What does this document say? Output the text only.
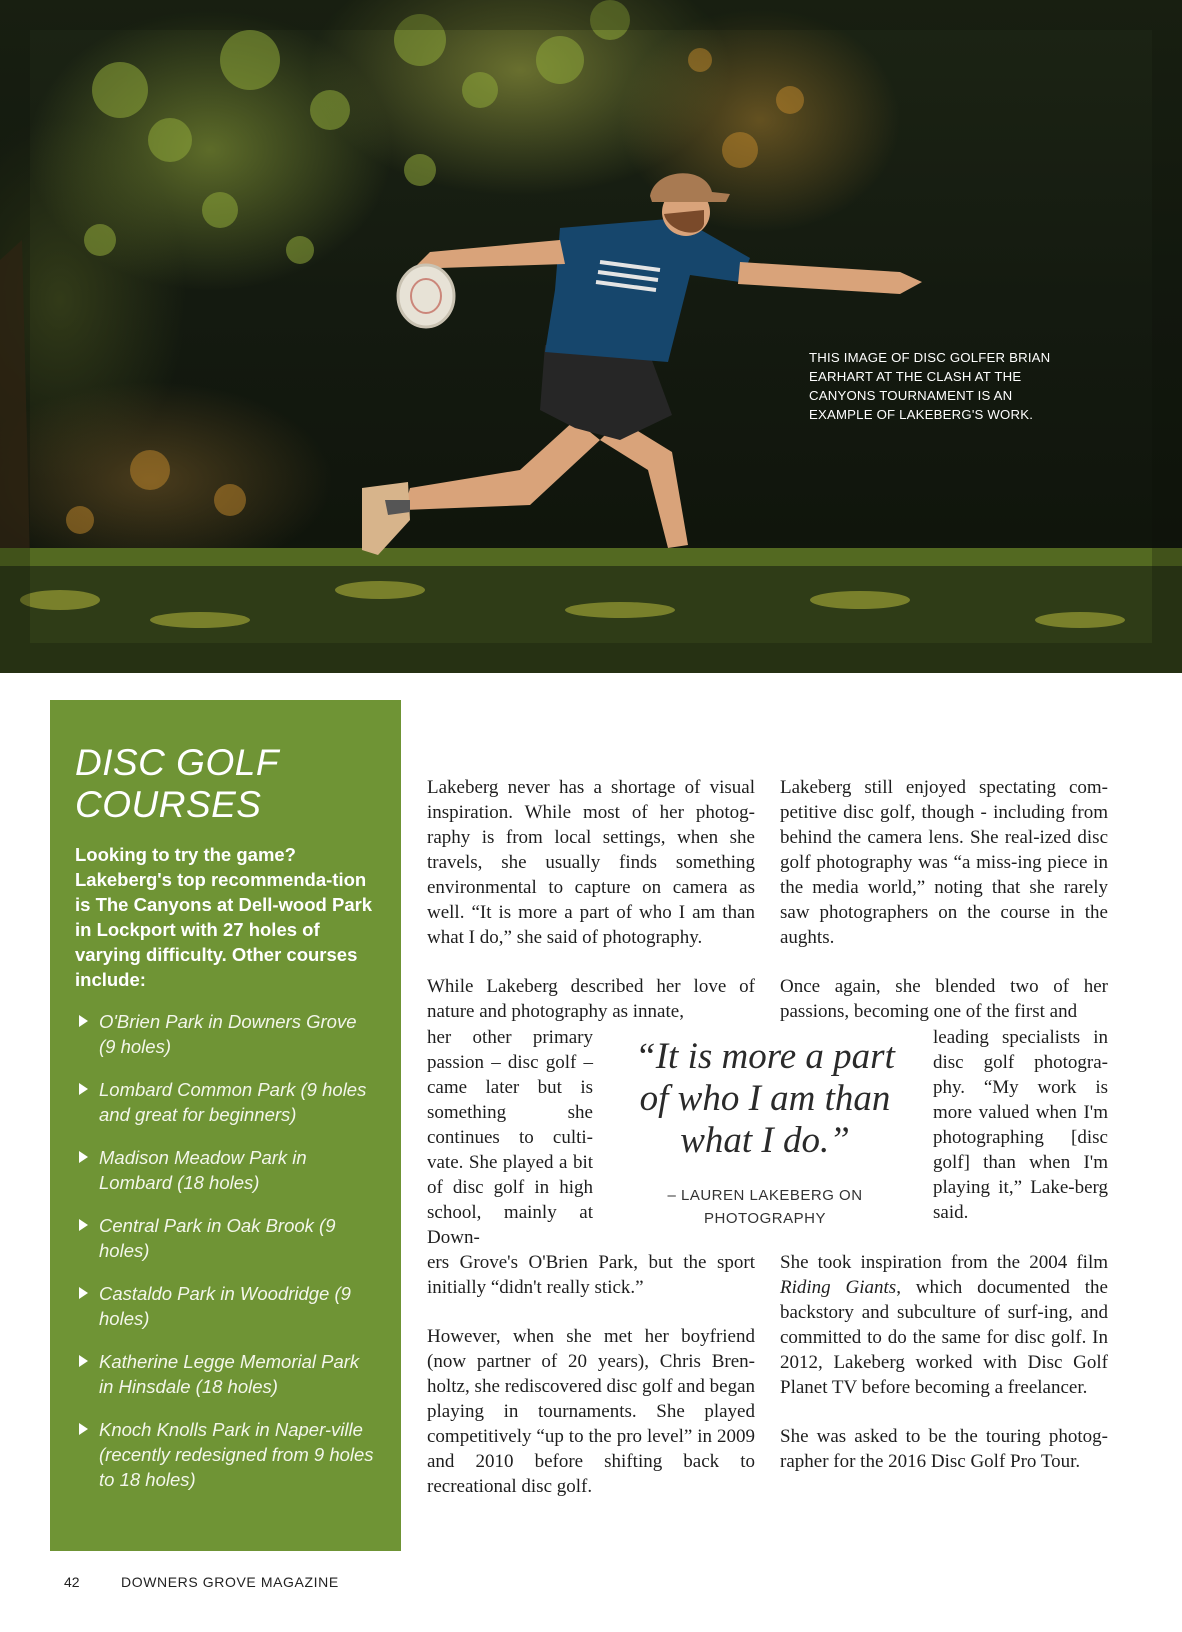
THIS IMAGE OF DISC GOLFER BRIAN EARHART AT THE CLASH AT THE CANYONS TOURNAMENT IS AN EXAMPLE OF LAKEBERG'S WORK.
DISC GOLF
COURSES

Looking to try the game? Lakeberg's top recommenda-tion is The Canyons at Dell-wood Park in Lockport with 27 holes of varying difficulty. Other courses include:

O'Brien Park in Downers Grove (9 holes)
Lombard Common Park (9 holes and great for beginners)
Madison Meadow Park in Lombard (18 holes)
Central Park in Oak Brook (9 holes)
Castaldo Park in Woodridge (9 holes)
Katherine Legge Memorial Park in Hinsdale (18 holes)
Knoch Knolls Park in Naper-ville (recently redesigned from 9 holes to 18 holes)

Lakeberg never has a shortage of visual inspiration. While most of her photog-raphy is from local settings, when she travels, she usually finds something environmental to capture on camera as well. “It is more a part of who I am than what I do,” she said of photography.

While Lakeberg described her love of nature and photography as innate,

her other primary passion – disc golf – came later but is something she continues to culti-vate. She played a bit of disc golf in high school, mainly at Down-

ers Grove's O'Brien Park, but the sport initially “didn't really stick.”

However, when she met her boyfriend (now partner of 20 years), Chris Bren-holtz, she rediscovered disc golf and began playing in tournaments. She played competitively “up to the pro level” in 2009 and 2010 before shifting back to recreational disc golf.

Lakeberg still enjoyed spectating com-petitive disc golf, though - including from behind the camera lens. She real-ized disc golf photography was “a miss-ing piece in the media world,” noting that she rarely saw photographers on the course in the aughts.

Once again, she blended two of her passions, becoming one of the first and

leading specialists in disc golf photogra-phy. “My work is more valued when I'm photographing [disc golf] than when I'm playing it,” Lake-berg said.

She took inspiration from the 2004 film Riding Giants, which documented the backstory and subculture of surf-ing, and committed to do the same for disc golf. In 2012, Lakeberg worked with Disc Golf Planet TV before becoming a freelancer.

She was asked to be the touring photog-rapher for the 2016 Disc Golf Pro Tour.

“It is more a part of who I am than what I do.”
– LAUREN LAKEBERG ON
PHOTOGRAPHY
42	DOWNERS GROVE MAGAZINE
